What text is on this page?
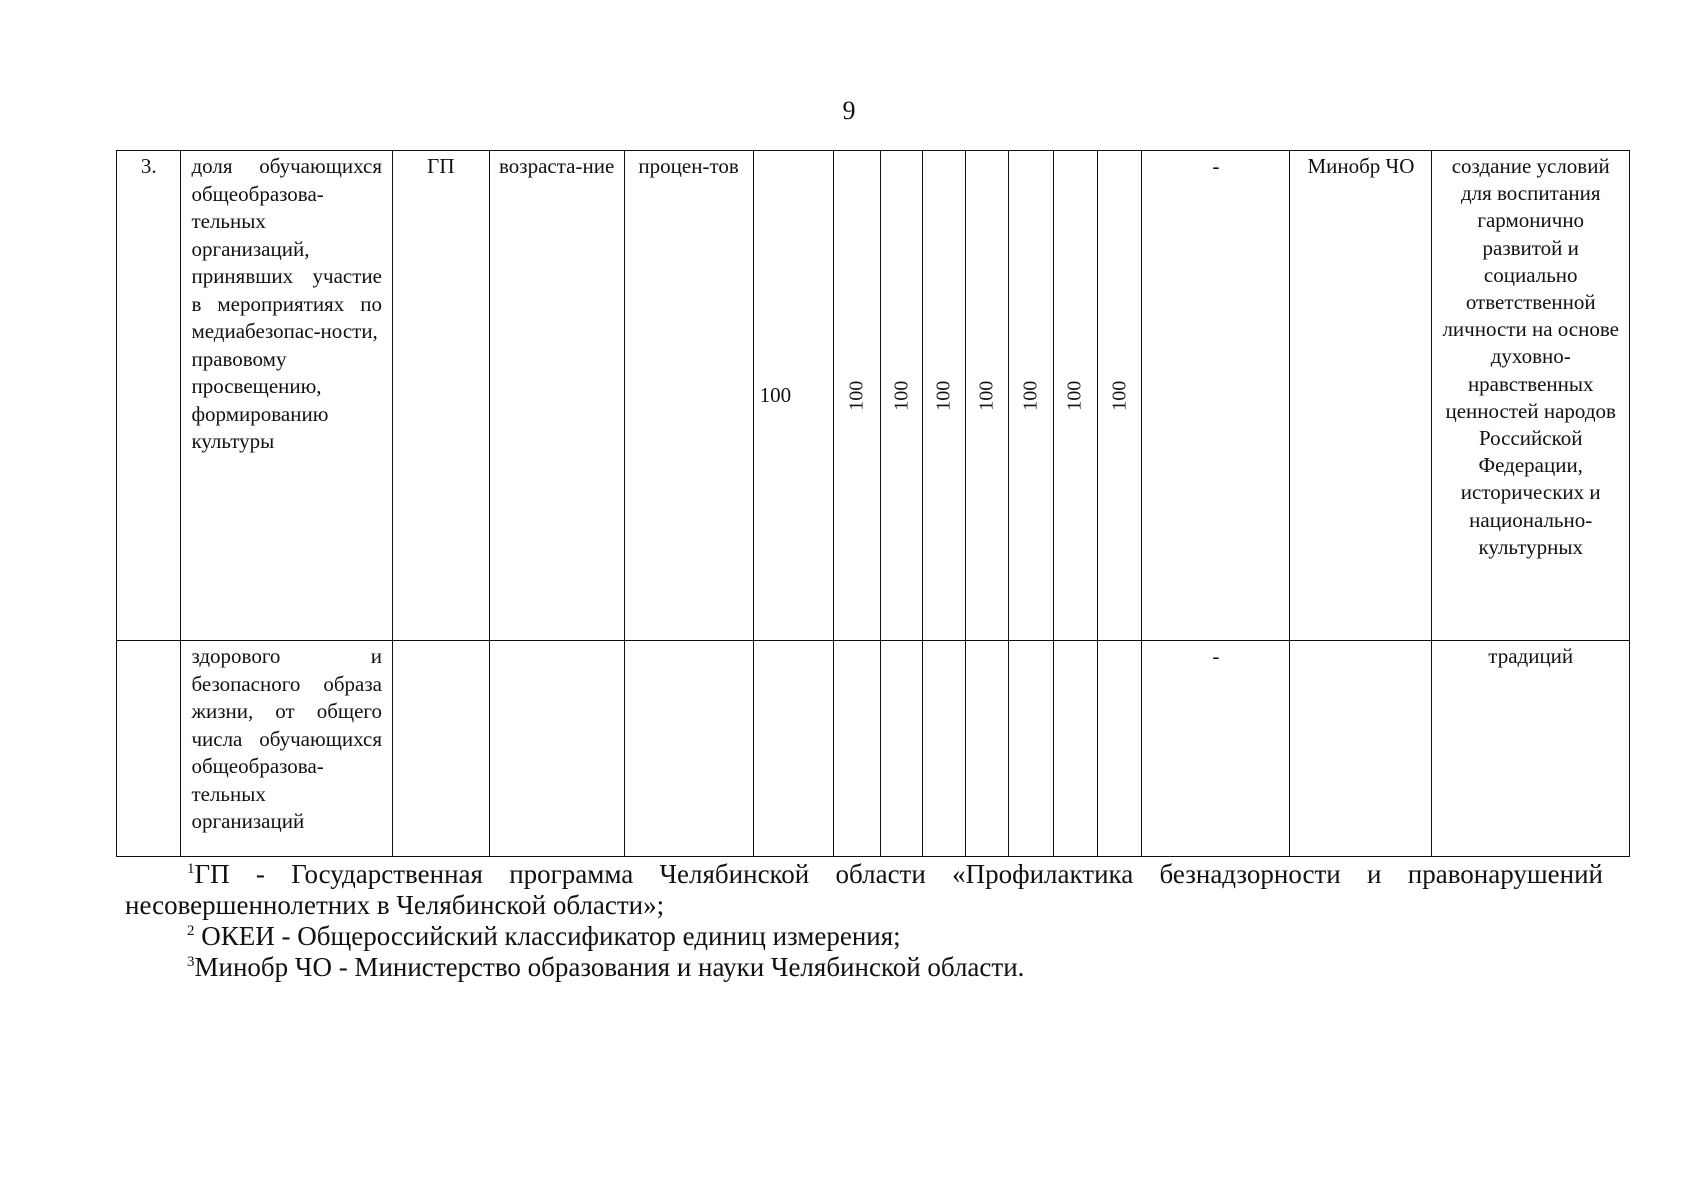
9
3.	доля обучающихся общеобразова-тельных организаций, принявших участие в мероприятиях по медиабезопас-ности, правовому просвещению, формированию культуры	ГП	возраста-ние	процен-тов	100	100	100	100	100	100	100	100	-	Минобр ЧО	создание условий для воспитания гармонично развитой и социально ответственной личности на основе духовно-нравственных ценностей народов Российской Федерации, исторических и национально-культурных
	здорового и безопасного образа жизни, от общего числа обучающихся общеобразова-тельных организаций												-		традиций

$^1$ГП - Государственная программа Челябинской области «Профилактика безнадзорности и правонарушений несовершеннолетних в Челябинской области»;

$^2$ ОКЕИ - Общероссийский классификатор единиц измерения;

$^3$Минобр ЧО - Министерство образования и науки Челябинской области.
